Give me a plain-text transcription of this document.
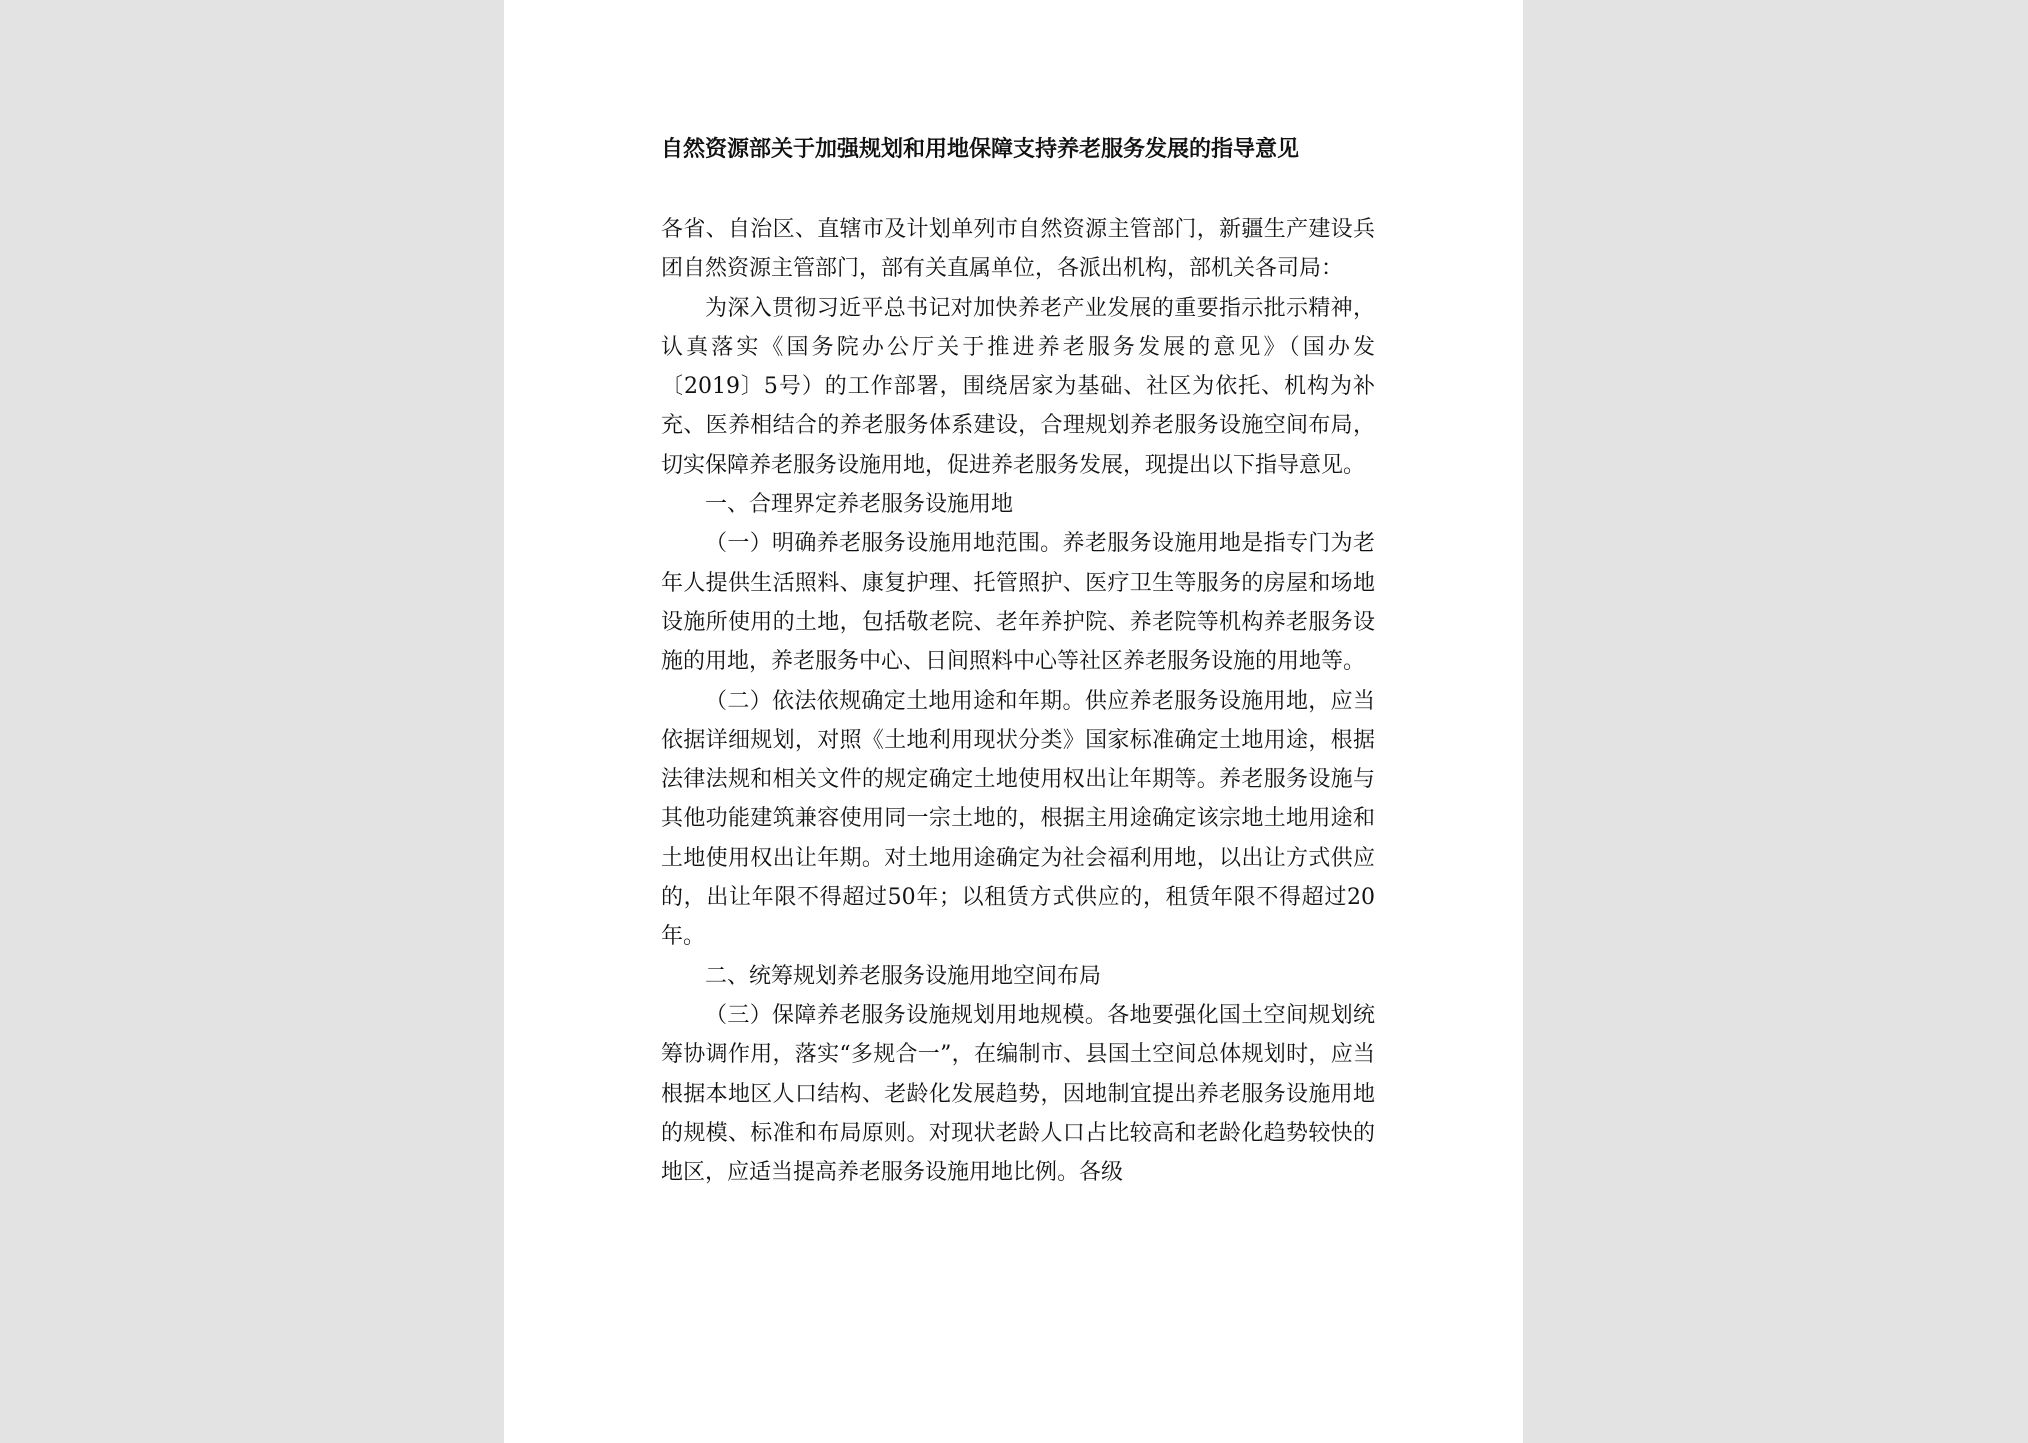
自然资源部关于加强规划和用地保障支持养老服务发展的指导意见

各省、自治区、直辖市及计划单列市自然资源主管部门，新疆生产建设兵团自然资源主管部门，部有关直属单位，各派出机构，部机关各司局：

为深入贯彻习近平总书记对加快养老产业发展的重要指示批示精神，认真落实《国务院办公厅关于推进养老服务发展的意见》（国办发〔2019〕5号）的工作部署，围绕居家为基础、社区为依托、机构为补充、医养相结合的养老服务体系建设，合理规划养老服务设施空间布局，切实保障养老服务设施用地，促进养老服务发展，现提出以下指导意见。

一、合理界定养老服务设施用地

（一）明确养老服务设施用地范围。养老服务设施用地是指专门为老年人提供生活照料、康复护理、托管照护、医疗卫生等服务的房屋和场地设施所使用的土地，包括敬老院、老年养护院、养老院等机构养老服务设施的用地，养老服务中心、日间照料中心等社区养老服务设施的用地等。

（二）依法依规确定土地用途和年期。供应养老服务设施用地，应当依据详细规划，对照《土地利用现状分类》国家标准确定土地用途，根据法律法规和相关文件的规定确定土地使用权出让年期等。养老服务设施与其他功能建筑兼容使用同一宗土地的，根据主用途确定该宗地土地用途和土地使用权出让年期。对土地用途确定为社会福利用地，以出让方式供应的，出让年限不得超过50年；以租赁方式供应的，租赁年限不得超过20年。

二、统筹规划养老服务设施用地空间布局

（三）保障养老服务设施规划用地规模。各地要强化国土空间规划统筹协调作用，落实“多规合一”，在编制市、县国土空间总体规划时，应当根据本地区人口结构、老龄化发展趋势，因地制宜提出养老服务设施用地的规模、标准和布局原则。对现状老龄人口占比较高和老龄化趋势较快的地区，应适当提高养老服务设施用地比例。各级
